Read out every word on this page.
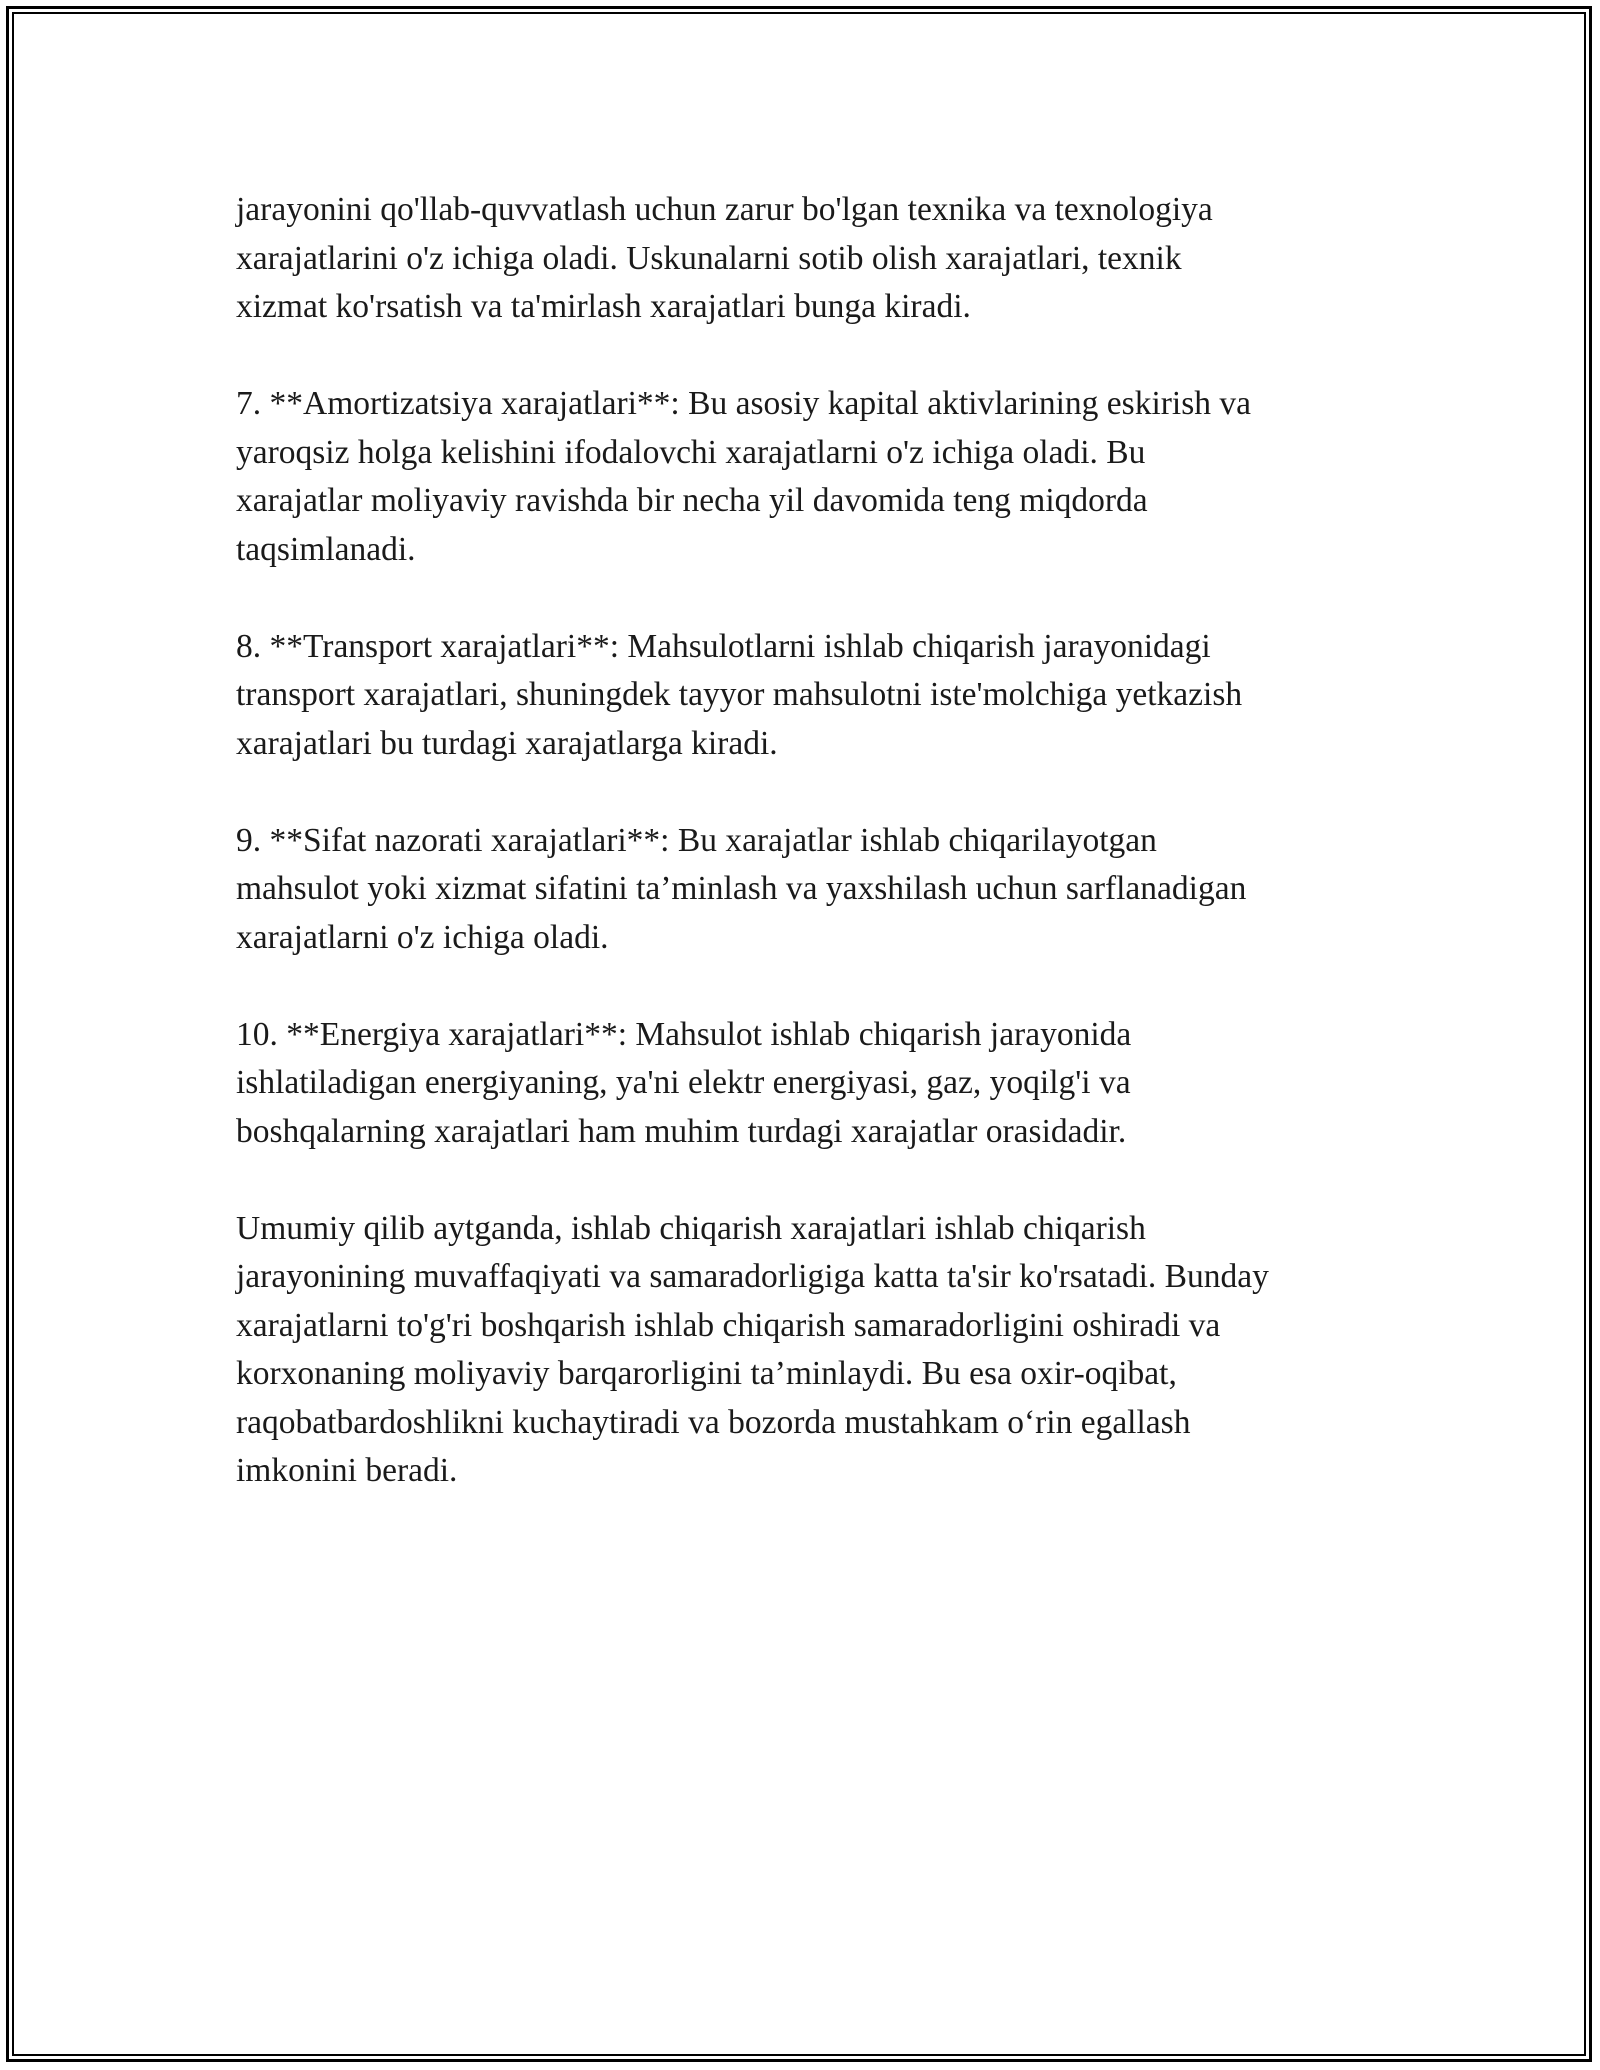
jarayonini qo'llab-quvvatlash uchun zarur bo'lgan texnika va texnologiya
xarajatlarini o'z ichiga oladi. Uskunalarni sotib olish xarajatlari, texnik
xizmat ko'rsatish va ta'mirlash xarajatlari bunga kiradi.

7. **Amortizatsiya xarajatlari**: Bu asosiy kapital aktivlarining eskirish va
yaroqsiz holga kelishini ifodalovchi xarajatlarni o'z ichiga oladi. Bu
xarajatlar moliyaviy ravishda bir necha yil davomida teng miqdorda
taqsimlanadi.

8. **Transport xarajatlari**: Mahsulotlarni ishlab chiqarish jarayonidagi
transport xarajatlari, shuningdek tayyor mahsulotni iste'molchiga yetkazish
xarajatlari bu turdagi xarajatlarga kiradi.

9. **Sifat nazorati xarajatlari**: Bu xarajatlar ishlab chiqarilayotgan
mahsulot yoki xizmat sifatini ta’minlash va yaxshilash uchun sarflanadigan
xarajatlarni o'z ichiga oladi.

10. **Energiya xarajatlari**: Mahsulot ishlab chiqarish jarayonida
ishlatiladigan energiyaning, ya'ni elektr energiyasi, gaz, yoqilg'i va
boshqalarning xarajatlari ham muhim turdagi xarajatlar orasidadir.

Umumiy qilib aytganda, ishlab chiqarish xarajatlari ishlab chiqarish
jarayonining muvaffaqiyati va samaradorligiga katta ta'sir ko'rsatadi. Bunday
xarajatlarni to'g'ri boshqarish ishlab chiqarish samaradorligini oshiradi va
korxonaning moliyaviy barqarorligini ta’minlaydi. Bu esa oxir-oqibat,
raqobatbardoshlikni kuchaytiradi va bozorda mustahkam o‘rin egallash
imkonini beradi.
